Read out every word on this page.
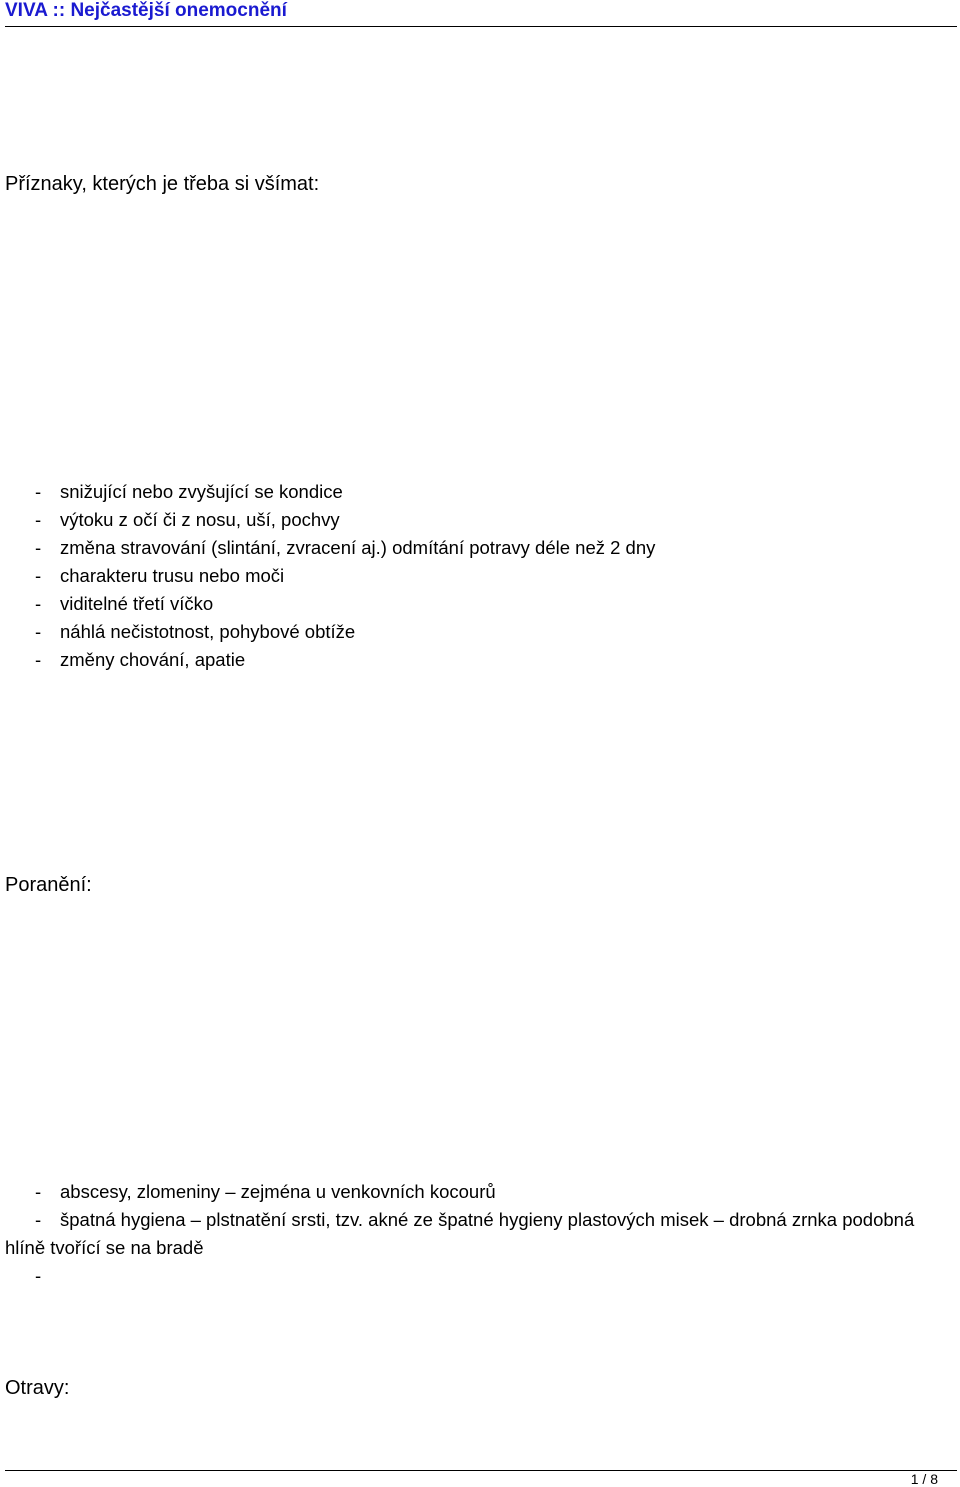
VIVA :: Nejčastější onemocnění
Příznaky, kterých je třeba si všímat:
- snižující nebo zvyšující se kondice
- výtoku z očí či z nosu, uší, pochvy
- změna stravování (slintání, zvracení aj.) odmítání potravy déle než 2 dny
- charakteru trusu nebo moči
- viditelné třetí víčko
- náhlá nečistotnost, pohybové obtíže
- změny chování, apatie
Poranění:
- abscesy, zlomeniny – zejména u venkovních kocourů
- špatná hygiena – plstnatění srsti, tzv. akné ze špatné hygieny plastových misek – drobná zrnka podobná hlíně tvořící se na bradě
-
Otravy:
1 / 8
